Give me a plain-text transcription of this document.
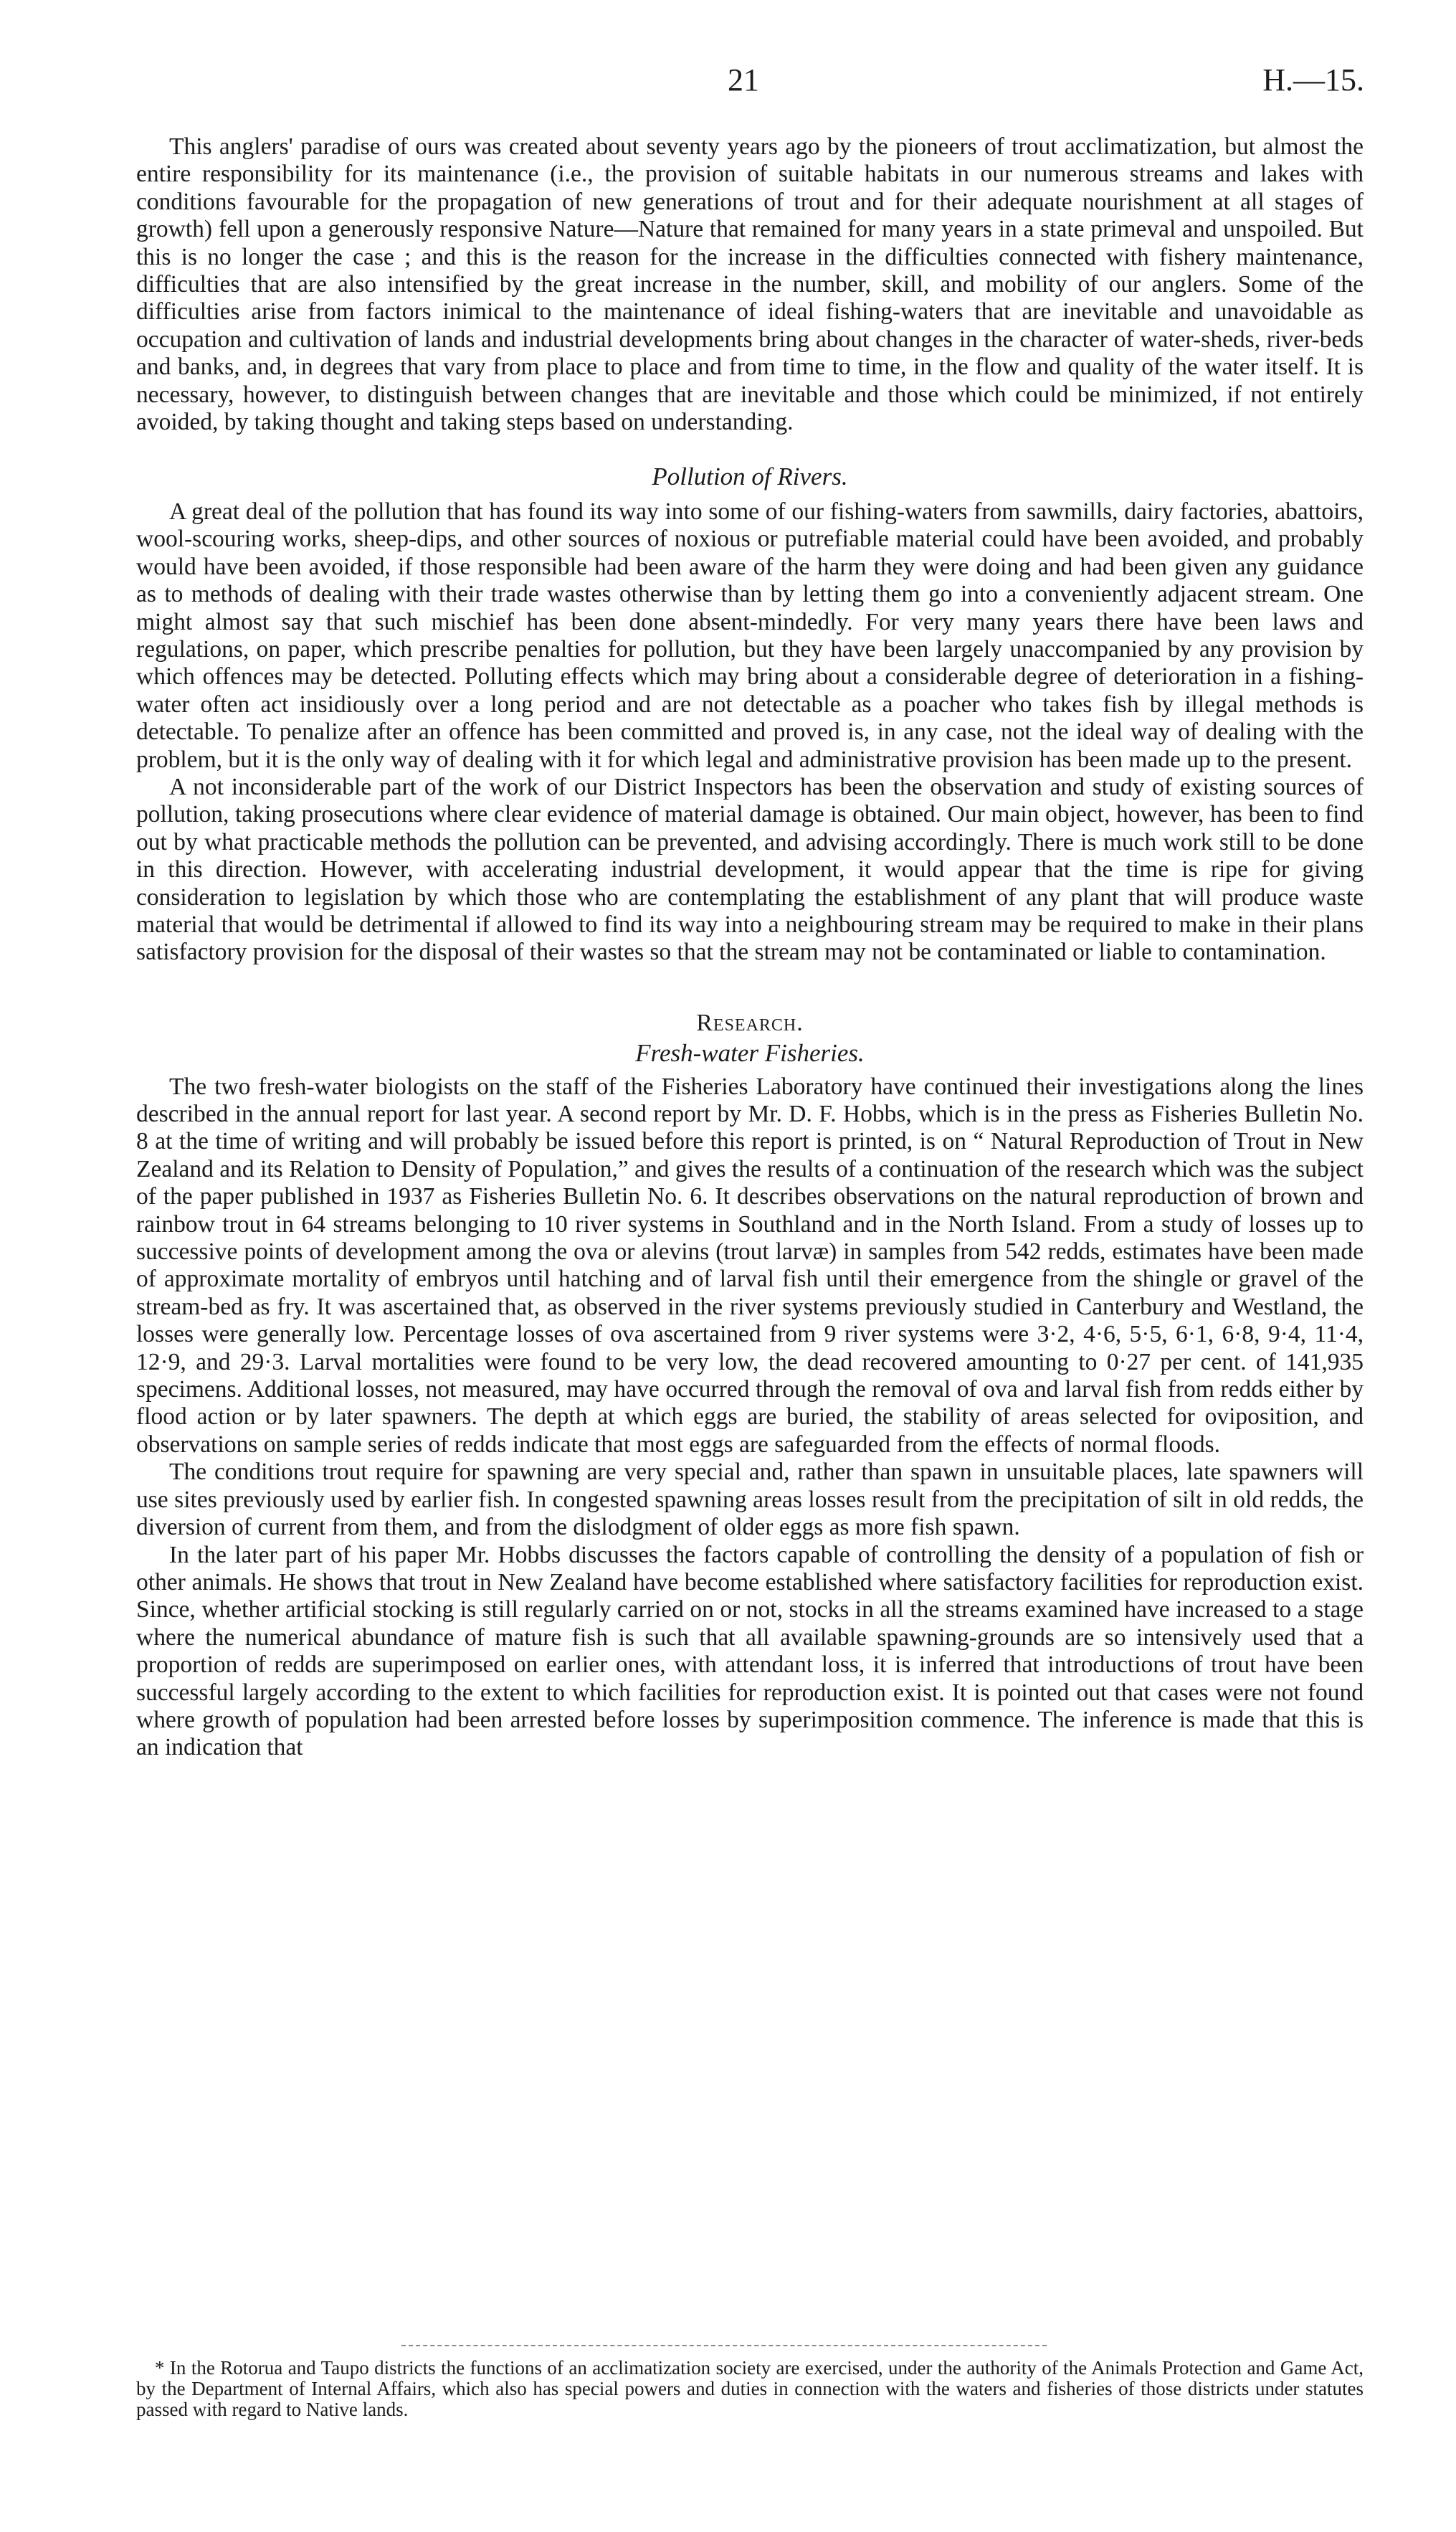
21	H.—15.

This anglers' paradise of ours was created about seventy years ago by the pioneers of trout acclimatization, but almost the entire responsibility for its maintenance (i.e., the provision of suitable habitats in our numerous streams and lakes with conditions favourable for the propagation of new generations of trout and for their adequate nourishment at all stages of growth) fell upon a generously responsive Nature—Nature that remained for many years in a state primeval and unspoiled. But this is no longer the case ; and this is the reason for the increase in the difficulties connected with fishery maintenance, difficulties that are also intensified by the great increase in the number, skill, and mobility of our anglers. Some of the difficulties arise from factors inimical to the maintenance of ideal fishing-waters that are inevitable and unavoidable as occupation and cultivation of lands and industrial developments bring about changes in the character of water-sheds, river-beds and banks, and, in degrees that vary from place to place and from time to time, in the flow and quality of the water itself. It is necessary, however, to distinguish between changes that are inevitable and those which could be minimized, if not entirely avoided, by taking thought and taking steps based on understanding.

Pollution of Rivers.

A great deal of the pollution that has found its way into some of our fishing-waters from sawmills, dairy factories, abattoirs, wool-scouring works, sheep-dips, and other sources of noxious or putrefiable material could have been avoided, and probably would have been avoided, if those responsible had been aware of the harm they were doing and had been given any guidance as to methods of dealing with their trade wastes otherwise than by letting them go into a conveniently adjacent stream. One might almost say that such mischief has been done absent-mindedly. For very many years there have been laws and regulations, on paper, which prescribe penalties for pollution, but they have been largely unaccompanied by any provision by which offences may be detected. Polluting effects which may bring about a considerable degree of deterioration in a fishing-water often act insidiously over a long period and are not detectable as a poacher who takes fish by illegal methods is detectable. To penalize after an offence has been committed and proved is, in any case, not the ideal way of dealing with the problem, but it is the only way of dealing with it for which legal and administrative provision has been made up to the present.

A not inconsiderable part of the work of our District Inspectors has been the observation and study of existing sources of pollution, taking prosecutions where clear evidence of material damage is obtained. Our main object, however, has been to find out by what practicable methods the pollution can be prevented, and advising accordingly. There is much work still to be done in this direction. However, with accelerating industrial development, it would appear that the time is ripe for giving consideration to legislation by which those who are contemplating the establishment of any plant that will produce waste material that would be detrimental if allowed to find its way into a neighbouring stream may be required to make in their plans satisfactory provision for the disposal of their wastes so that the stream may not be contaminated or liable to contamination.

Research.

Fresh-water Fisheries.

The two fresh-water biologists on the staff of the Fisheries Laboratory have continued their investigations along the lines described in the annual report for last year. A second report by Mr. D. F. Hobbs, which is in the press as Fisheries Bulletin No. 8 at the time of writing and will probably be issued before this report is printed, is on “ Natural Reproduction of Trout in New Zealand and its Relation to Density of Population,” and gives the results of a continuation of the research which was the subject of the paper published in 1937 as Fisheries Bulletin No. 6. It describes observations on the natural reproduction of brown and rainbow trout in 64 streams belonging to 10 river systems in Southland and in the North Island. From a study of losses up to successive points of development among the ova or alevins (trout larvæ) in samples from 542 redds, estimates have been made of approximate mortality of embryos until hatching and of larval fish until their emergence from the shingle or gravel of the stream-bed as fry. It was ascertained that, as observed in the river systems previously studied in Canterbury and Westland, the losses were generally low. Percentage losses of ova ascertained from 9 river systems were 3·2, 4·6, 5·5, 6·1, 6·8, 9·4, 11·4, 12·9, and 29·3. Larval mortalities were found to be very low, the dead recovered amounting to 0·27 per cent. of 141,935 specimens. Additional losses, not measured, may have occurred through the removal of ova and larval fish from redds either by flood action or by later spawners. The depth at which eggs are buried, the stability of areas selected for oviposition, and observations on sample series of redds indicate that most eggs are safeguarded from the effects of normal floods.

The conditions trout require for spawning are very special and, rather than spawn in unsuitable places, late spawners will use sites previously used by earlier fish. In congested spawning areas losses result from the precipitation of silt in old redds, the diversion of current from them, and from the dislodgment of older eggs as more fish spawn.

In the later part of his paper Mr. Hobbs discusses the factors capable of controlling the density of a population of fish or other animals. He shows that trout in New Zealand have become established where satisfactory facilities for reproduction exist. Since, whether artificial stocking is still regularly carried on or not, stocks in all the streams examined have increased to a stage where the numerical abundance of mature fish is such that all available spawning-grounds are so intensively used that a proportion of redds are superimposed on earlier ones, with attendant loss, it is inferred that introductions of trout have been successful largely according to the extent to which facilities for reproduction exist. It is pointed out that cases were not found where growth of population had been arrested before losses by superimposition commence. The inference is made that this is an indication that

* In the Rotorua and Taupo districts the functions of an acclimatization society are exercised, under the authority of the Animals Protection and Game Act, by the Department of Internal Affairs, which also has special powers and duties in connection with the waters and fisheries of those districts under statutes passed with regard to Native lands.
